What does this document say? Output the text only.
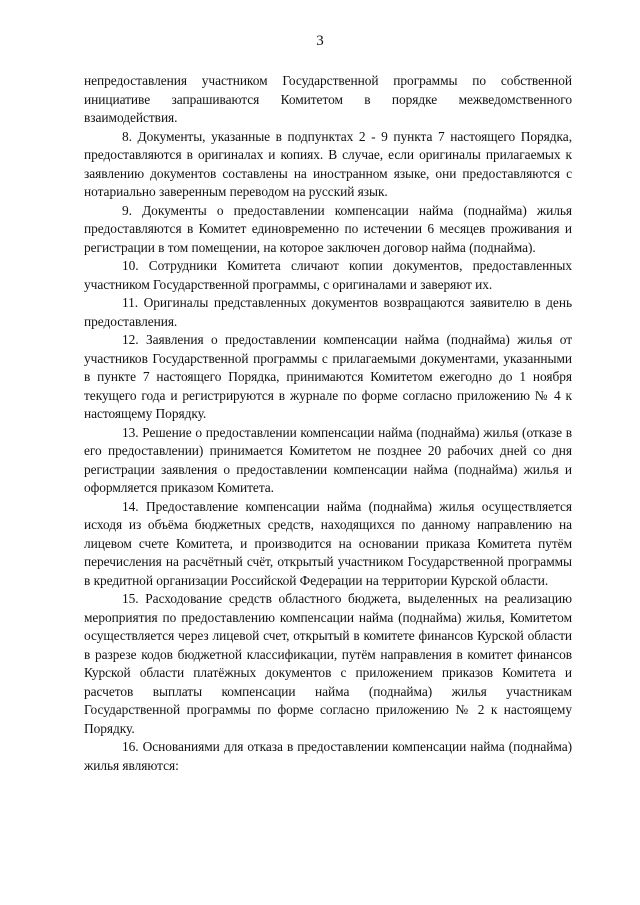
3

непредоставления участником Государственной программы по собственной инициативе запрашиваются Комитетом в порядке межведомственного взаимодействия.

8. Документы, указанные в подпунктах 2 - 9 пункта 7 настоящего Порядка, предоставляются в оригиналах и копиях. В случае, если оригиналы прилагаемых к заявлению документов составлены на иностранном языке, они предоставляются с нотариально заверенным переводом на русский язык.

9. Документы о предоставлении компенсации найма (поднайма) жилья предоставляются в Комитет единовременно по истечении 6 месяцев проживания и регистрации в том помещении, на которое заключен договор найма (поднайма).

10. Сотрудники Комитета сличают копии документов, предоставленных участником Государственной программы, с оригиналами и заверяют их.

11. Оригиналы представленных документов возвращаются заявителю в день предоставления.

12. Заявления о предоставлении компенсации найма (поднайма) жилья от участников Государственной программы с прилагаемыми документами, указанными в пункте 7 настоящего Порядка, принимаются Комитетом ежегодно до 1 ноября текущего года и регистрируются в журнале по форме согласно приложению № 4 к настоящему Порядку.

13. Решение о предоставлении компенсации найма (поднайма) жилья (отказе в его предоставлении) принимается Комитетом не позднее 20 рабочих дней со дня регистрации заявления о предоставлении компенсации найма (поднайма) жилья и оформляется приказом Комитета.

14. Предоставление компенсации найма (поднайма) жилья осуществляется исходя из объёма бюджетных средств, находящихся по данному направлению на лицевом счете Комитета, и производится на основании приказа Комитета путём перечисления на расчётный счёт, открытый участником Государственной программы в кредитной организации Российской Федерации на территории Курской области.

15. Расходование средств областного бюджета, выделенных на реализацию мероприятия по предоставлению компенсации найма (поднайма) жилья, Комитетом осуществляется через лицевой счет, открытый в комитете финансов Курской области в разрезе кодов бюджетной классификации, путём направления в комитет финансов Курской области платёжных документов с приложением приказов Комитета и расчетов выплаты компенсации найма (поднайма) жилья участникам Государственной программы по форме согласно приложению № 2 к настоящему Порядку.

16. Основаниями для отказа в предоставлении компенсации найма (поднайма) жилья являются:
